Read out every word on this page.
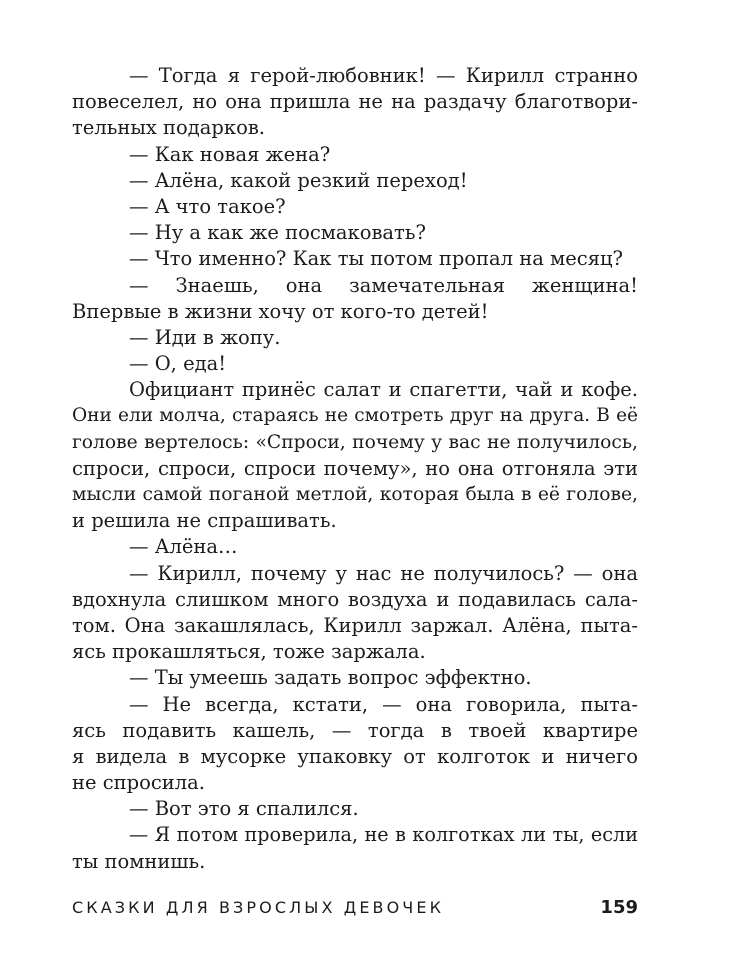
— Тогда я герой-любовник! — Кирилл странно
повеселел, но она пришла не на раздачу благотвори-
тельных подарков.
— Как новая жена?
— Алёна, какой резкий переход!
— А что такое?
— Ну а как же посмаковать?
— Что именно? Как ты потом пропал на месяц?
— Знаешь, она замечательная женщина!
Впервые в жизни хочу от кого-то детей!
— Иди в жопу.
— О, еда!
Официант принёс салат и спагетти, чай и кофе.
Они ели молча, стараясь не смотреть друг на друга. В её
голове вертелось: «Спроси, почему у вас не получилось,
спроси, спроси, спроси почему», но она отгоняла эти
мысли самой поганой метлой, которая была в её голове,
и решила не спрашивать.
— Алёна…
— Кирилл, почему у нас не получилось? — она
вдохнула слишком много воздуха и подавилась сала-
том. Она закашлялась, Кирилл заржал. Алёна, пыта-
ясь прокашляться, тоже заржала.
— Ты умеешь задать вопрос эффектно.
— Не всегда, кстати, — она говорила, пыта-
ясь подавить кашель, — тогда в твоей квартире
я видела в мусорке упаковку от колготок и ничего
не спросила.
— Вот это я спалился.
— Я потом проверила, не в колготках ли ты, если
ты помнишь.
СКАЗКИ ДЛЯ ВЗРОСЛЫХ ДЕВОЧЕК	159
